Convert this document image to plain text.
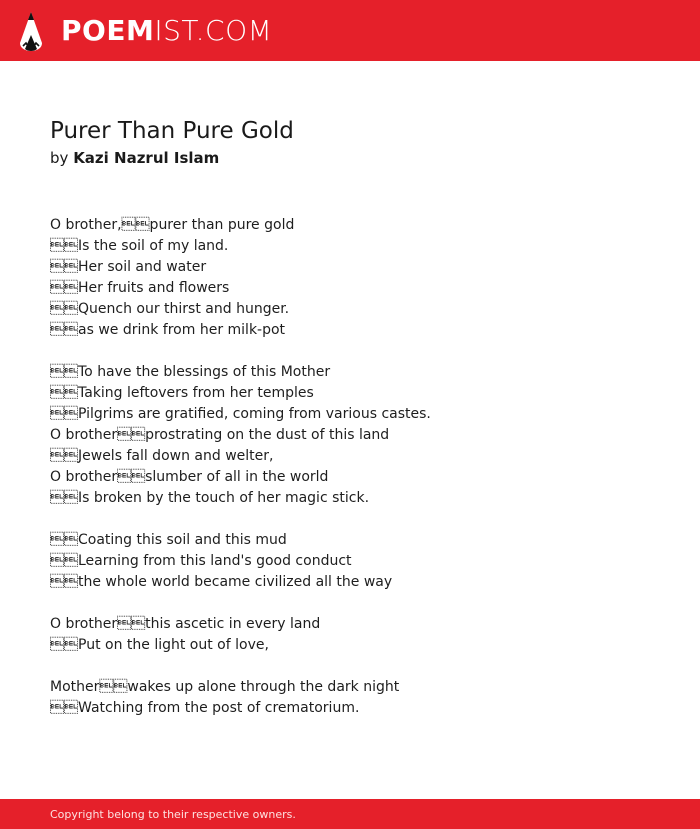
POEM IST.COM
Purer Than Pure Gold

by Kazi Nazrul Islam

O brother,purer than pure gold
Is the soil of my land.
Her soil and water
Her fruits and flowers
Quench our thirst and hunger.
as we drink from her milk-pot
To have the blessings of this Mother
Taking leftovers from her temples
Pilgrims are gratified, coming from various castes.
O brotherprostrating on the dust of this land
Jewels fall down and welter,
O brotherslumber of all in the world
Is broken by the touch of her magic stick.
Coating this soil and this mud
Learning from this land's good conduct
the whole world became civilized all the way
O brotherthis ascetic in every land
Put on the light out of love,
Motherwakes up alone through the dark night
Watching from the post of crematorium.
Copyright belong to their respective owners.
